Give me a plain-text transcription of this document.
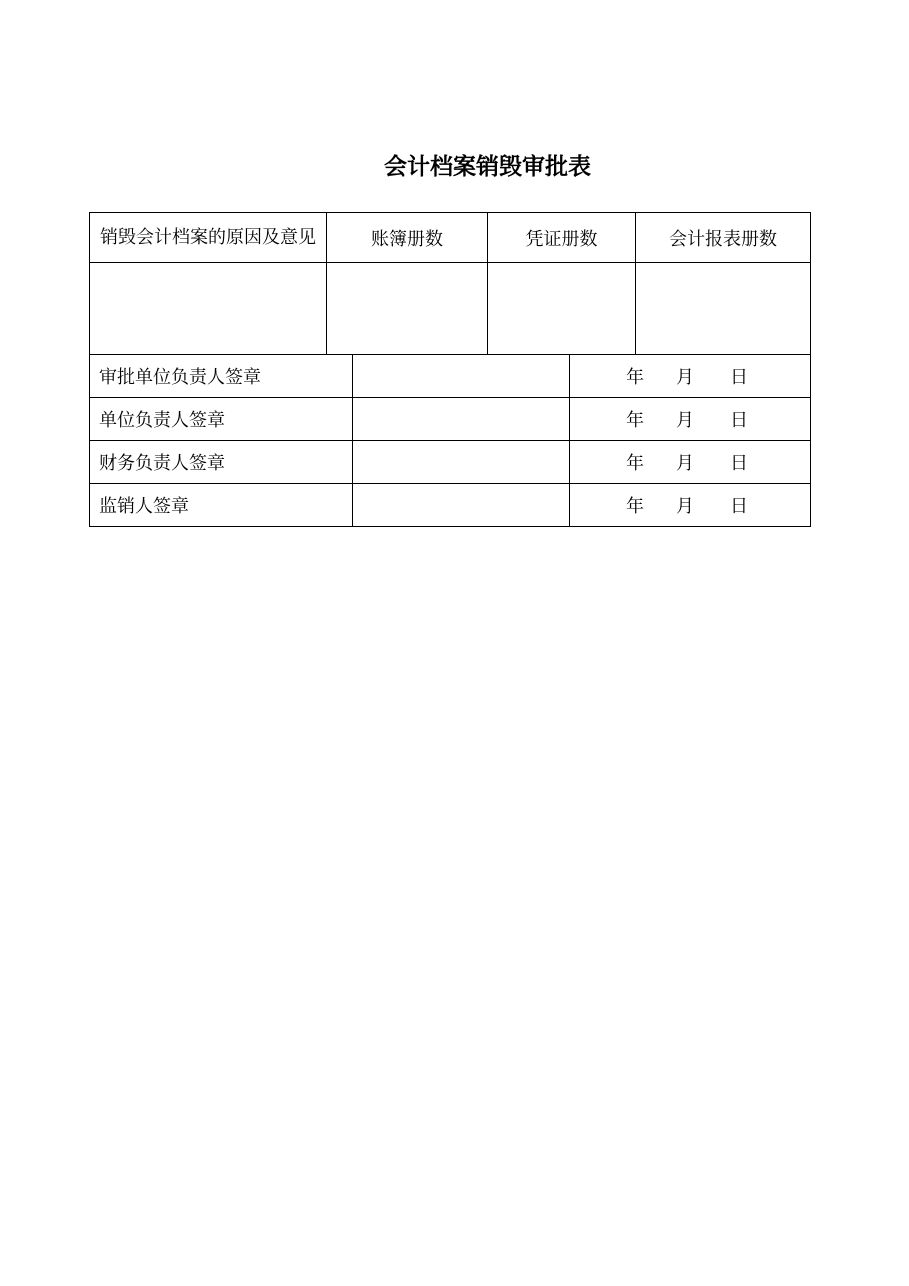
会计档案销毁审批表
销毁会计档案的原因及意见	账簿册数		凭证册数		会计报表册数

审批单位负责人签章				年 月 日	
单位负责人签章				年 月 日	
财务负责人签章				年 月 日	
监销人签章				年 月 日	
